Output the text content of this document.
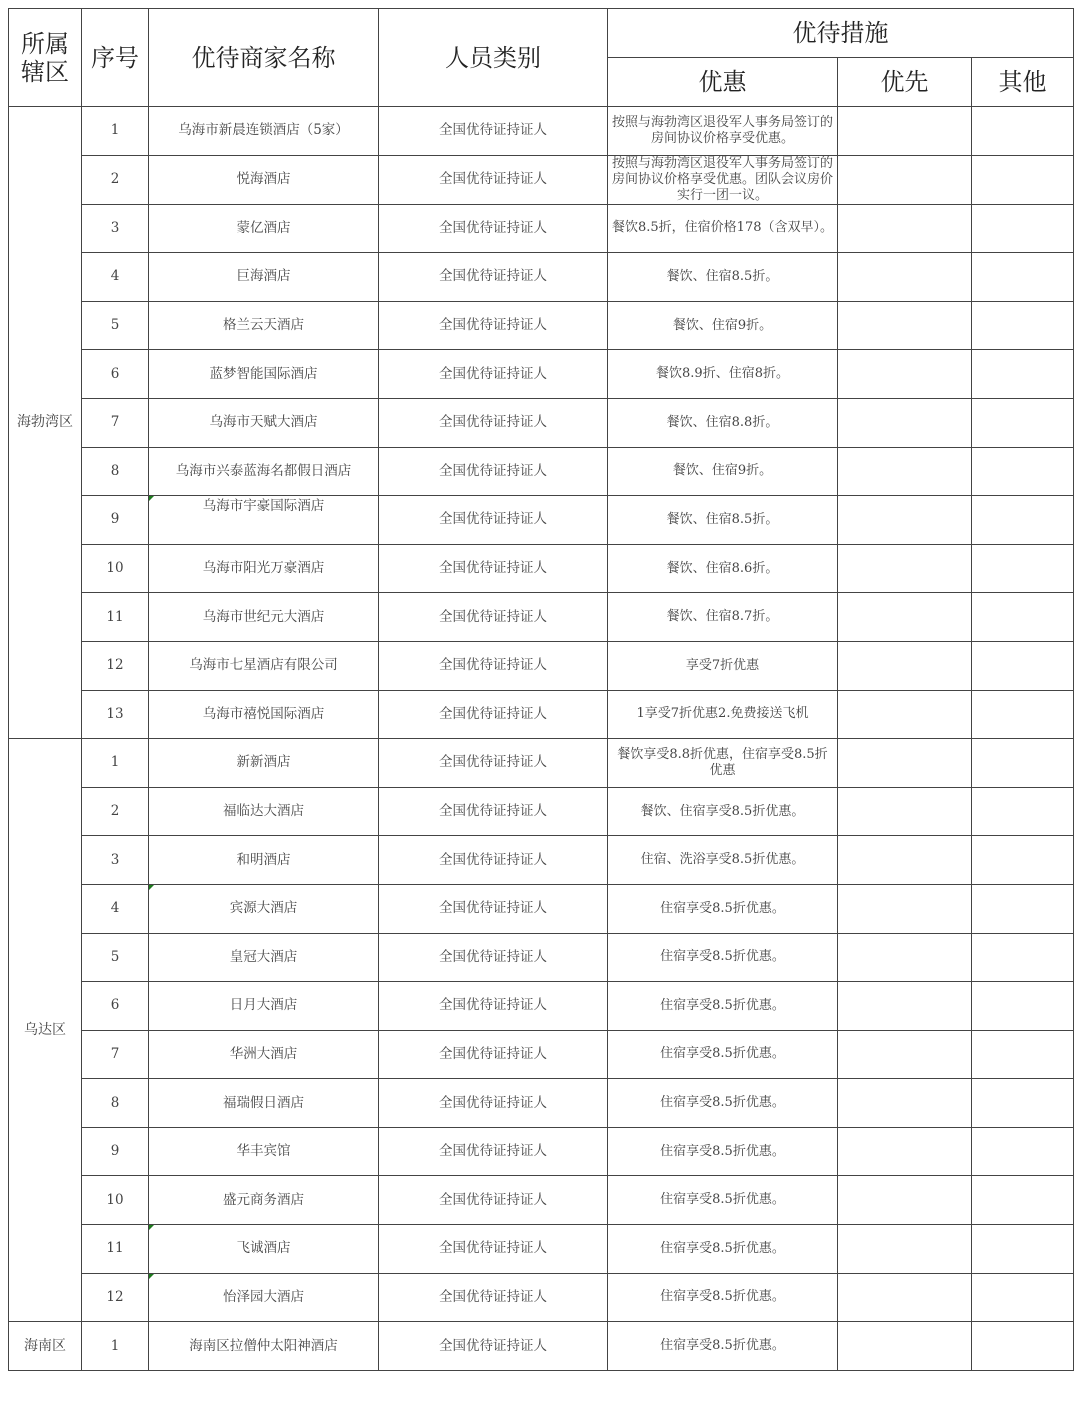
所属辖区	序号	优待商家名称	人员类别	优待措施		
				优惠	优先	其他
海勃湾区	1	乌海市新晨连锁酒店（5家）	全国优待证持证人	按照与海勃湾区退役军人事务局签订的房间协议价格享受优惠。		
	2	悦海酒店	全国优待证持证人	按照与海勃湾区退役军人事务局签订的房间协议价格享受优惠。团队会议房价实行一团一议。		
	3	蒙亿酒店	全国优待证持证人	餐饮8.5折，住宿价格178（含双早）。		
	4	巨海酒店	全国优待证持证人	餐饮、住宿8.5折。		
	5	格兰云天酒店	全国优待证持证人	餐饮、住宿9折。		
	6	蓝梦智能国际酒店	全国优待证持证人	餐饮8.9折、住宿8折。		
	7	乌海市天赋大酒店	全国优待证持证人	餐饮、住宿8.8折。		
	8	乌海市兴泰蓝海名都假日酒店	全国优待证持证人	餐饮、住宿9折。		
	9	乌海市宇豪国际酒店	全国优待证持证人	餐饮、住宿8.5折。		
	10	乌海市阳光万豪酒店	全国优待证持证人	餐饮、住宿8.6折。		
	11	乌海市世纪元大酒店	全国优待证持证人	餐饮、住宿8.7折。		
	12	乌海市七星酒店有限公司	全国优待证持证人	享受7折优惠		
	13	乌海市禧悦国际酒店	全国优待证持证人	1享受7折优惠2.免费接送飞机		
乌达区	1	新新酒店	全国优待证持证人	餐饮享受8.8折优惠，住宿享受8.5折优惠		
	2	福临达大酒店	全国优待证持证人	餐饮、住宿享受8.5折优惠。		
	3	和明酒店	全国优待证持证人	住宿、洗浴享受8.5折优惠。		
	4	宾源大酒店	全国优待证持证人	住宿享受8.5折优惠。		
	5	皇冠大酒店	全国优待证持证人	住宿享受8.5折优惠。		
	6	日月大酒店	全国优待证持证人	住宿享受8.5折优惠。		
	7	华洲大酒店	全国优待证持证人	住宿享受8.5折优惠。		
	8	福瑞假日酒店	全国优待证持证人	住宿享受8.5折优惠。		
	9	华丰宾馆	全国优待证持证人	住宿享受8.5折优惠。		
	10	盛元商务酒店	全国优待证持证人	住宿享受8.5折优惠。		
	11	飞诚酒店	全国优待证持证人	住宿享受8.5折优惠。		
	12	怡泽园大酒店	全国优待证持证人	住宿享受8.5折优惠。		
海南区	1	海南区拉僧仲太阳神酒店	全国优待证持证人	住宿享受8.5折优惠。		
